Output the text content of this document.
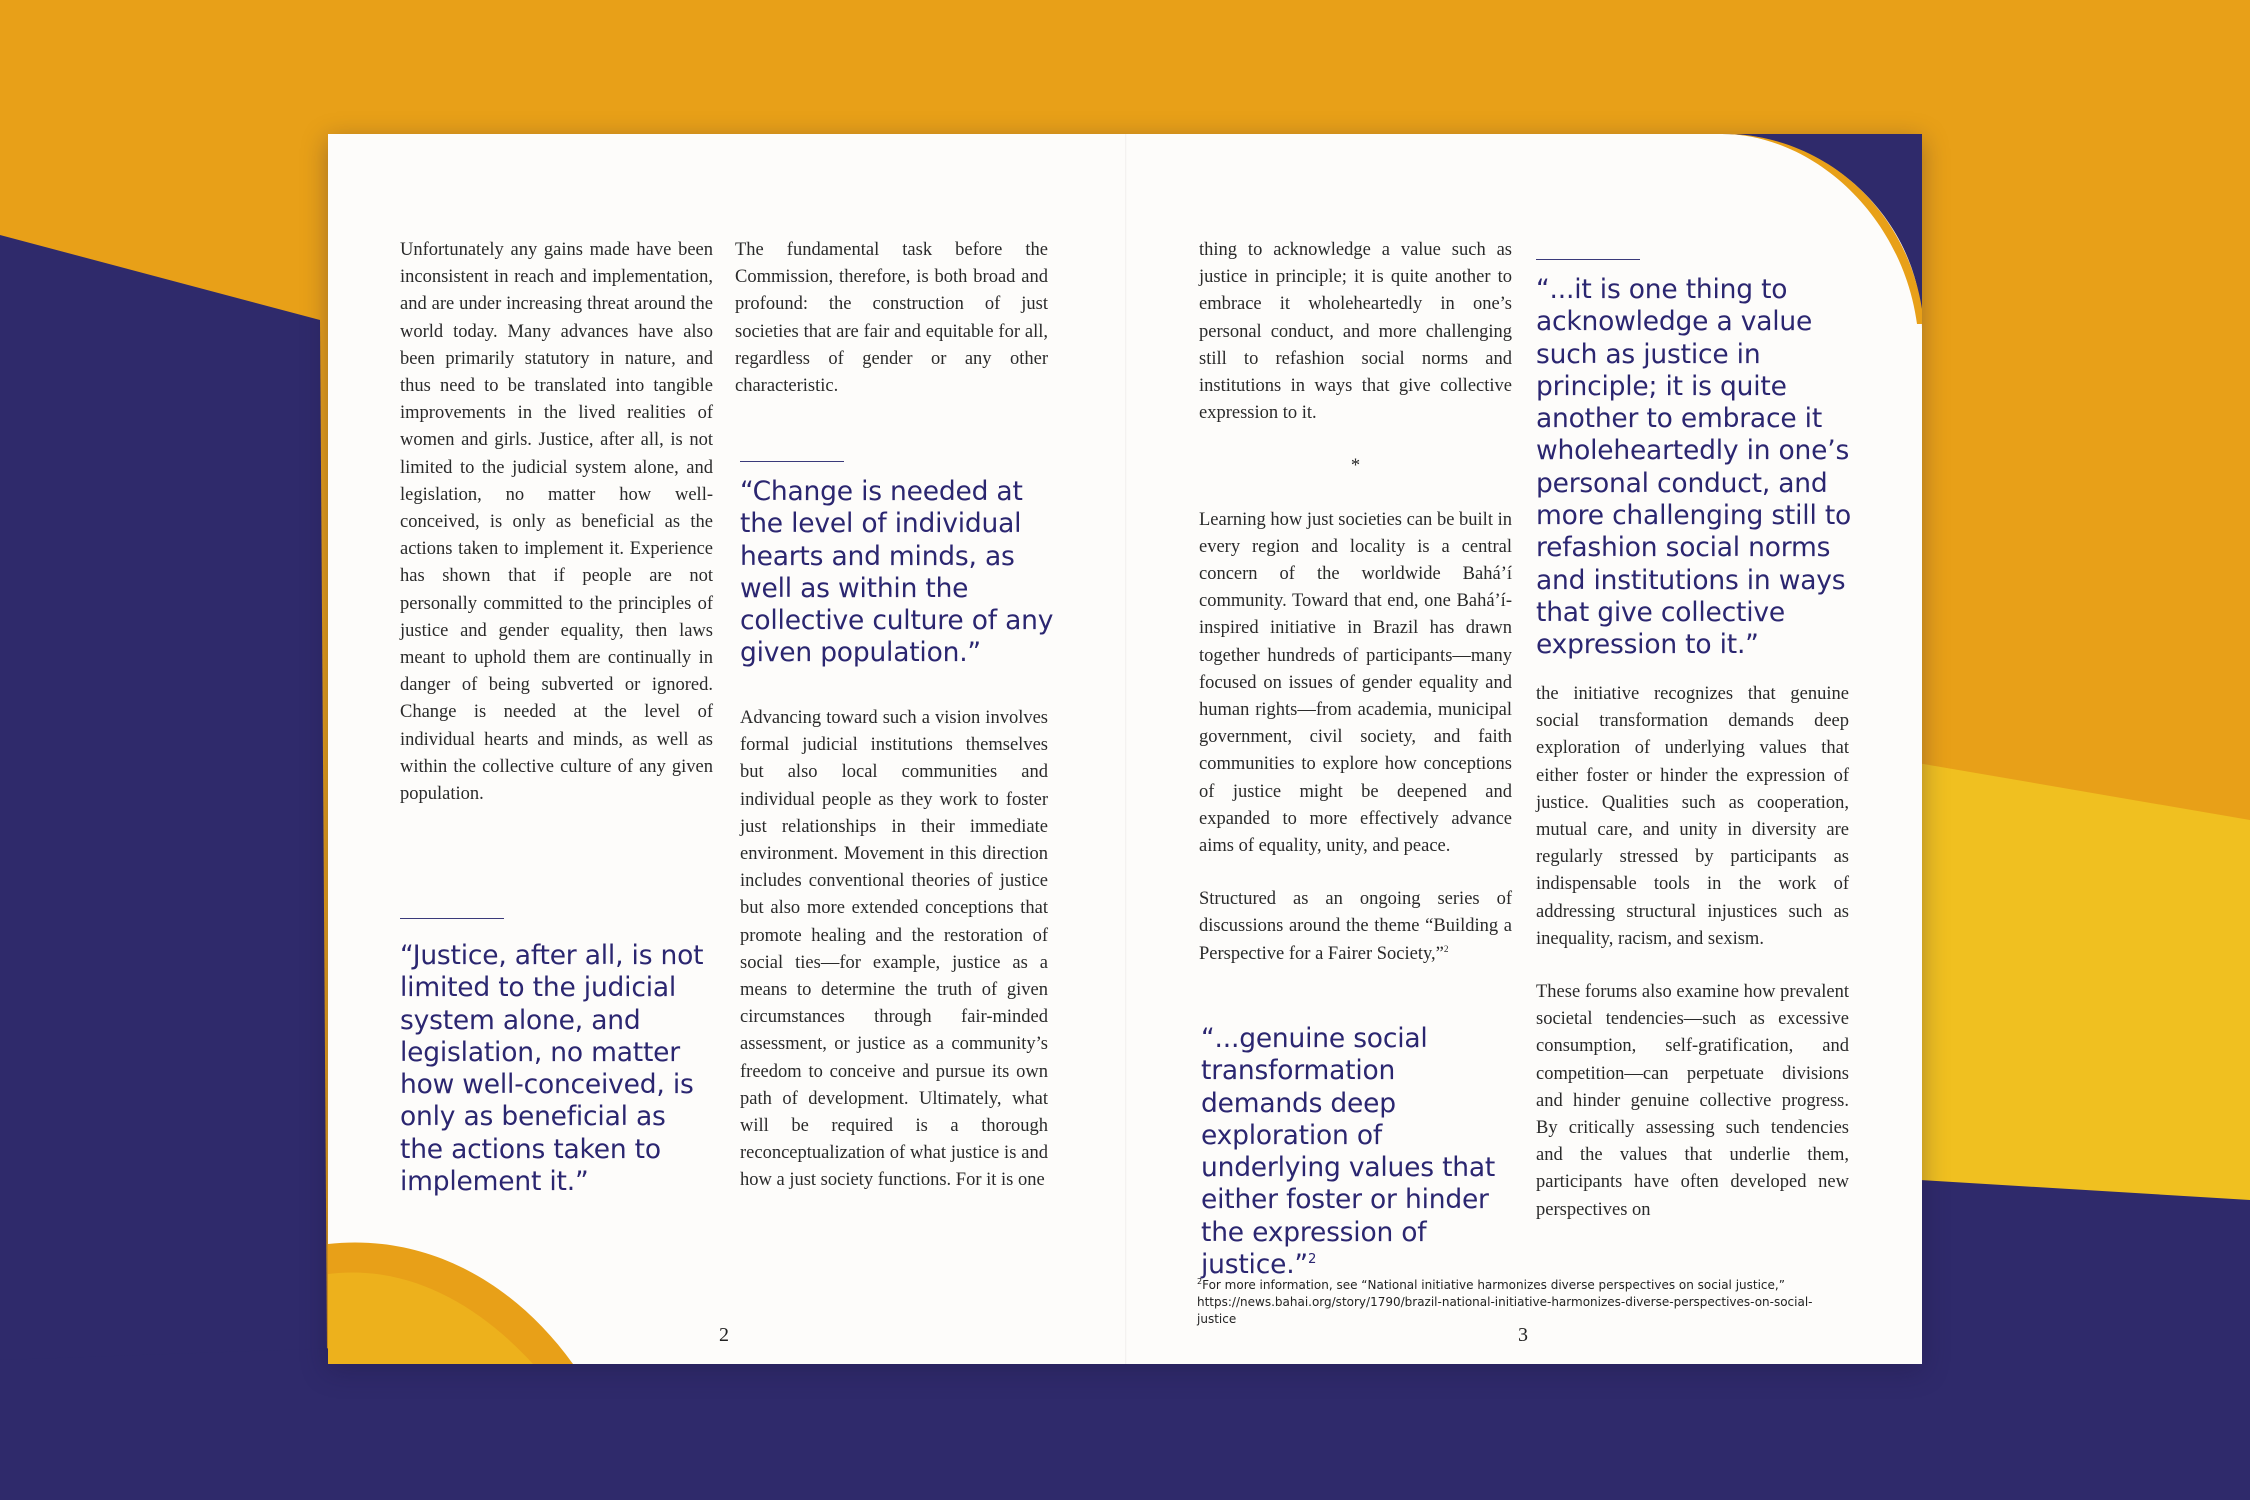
Unfortunately any gains made have been inconsistent in reach and implementation, and are under increasing threat around the world today. Many advances have also been primarily statutory in nature, and thus need to be translated into tangible improvements in the lived realities of women and girls. Justice, after all, is not limited to the judicial system alone, and legislation, no matter how well-conceived, is only as beneficial as the actions taken to implement it. Experience has shown that if people are not personally committed to the principles of justice and gender equality, then laws meant to uphold them are continually in danger of being subverted or ignored. Change is needed at the level of individual hearts and minds, as well as within the collective culture of any given population.

“Justice, after all, is not limited to the judicial system alone, and legislation, no matter how well-conceived, is only as beneficial as the actions taken to implement it.”

The fundamental task before the Commission, therefore, is both broad and profound: the construction of just societies that are fair and equitable for all, regardless of gender or any other characteristic.

“Change is needed at the level of individual hearts and minds, as well as within the collective culture of any given population.”

Advancing toward such a vision involves formal judicial institutions themselves but also local communities and individual people as they work to foster just relationships in their immediate environment. Movement in this direction includes conventional theories of justice but also more extended conceptions that promote healing and the restoration of social ties—for example, justice as a means to determine the truth of given circumstances through fair-minded assessment, or justice as a community’s freedom to conceive and pursue its own path of development. Ultimately, what will be required is a thorough reconceptualization of what justice is and how a just society functions. For it is one

2

thing to acknowledge a value such as justice in principle; it is quite another to embrace it wholeheartedly in one’s personal conduct, and more challenging still to refashion social norms and institutions in ways that give collective expression to it.

*

Learning how just societies can be built in every region and locality is a central concern of the worldwide Bahá’í community. Toward that end, one Bahá’í-inspired initiative in Brazil has drawn together hundreds of participants—many focused on issues of gender equality and human rights—from academia, municipal government, civil society, and faith communities to explore how conceptions of justice might be deepened and expanded to more effectively advance aims of equality, unity, and peace.

Structured as an ongoing series of discussions around the theme “Building a Perspective for a Fairer Society,”$^2$

“...genuine social transformation demands deep exploration of underlying values that either foster or hinder the expression of justice.”$^2$
“...it is one thing to acknowledge a value such as justice in principle; it is quite another to embrace it wholeheartedly in one’s personal conduct, and more challenging still to refashion social norms and institutions in ways that give collective expression to it.”

the initiative recognizes that genuine social transformation demands deep exploration of underlying values that either foster or hinder the expression of justice. Qualities such as cooperation, mutual care, and unity in diversity are regularly stressed by participants as indispensable tools in the work of addressing structural injustices such as inequality, racism, and sexism.

These forums also examine how prevalent societal tendencies—such as excessive consumption, self-gratification, and competition—can perpetuate divisions and hinder genuine collective progress. By critically assessing such tendencies and the values that underlie them, participants have often developed new perspectives on

$^2$For more information, see “National initiative harmonizes diverse perspectives on social justice,” https://news.bahai.org/story/1790/brazil-national-initiative-harmonizes-diverse-perspectives-on-social-justice
3
